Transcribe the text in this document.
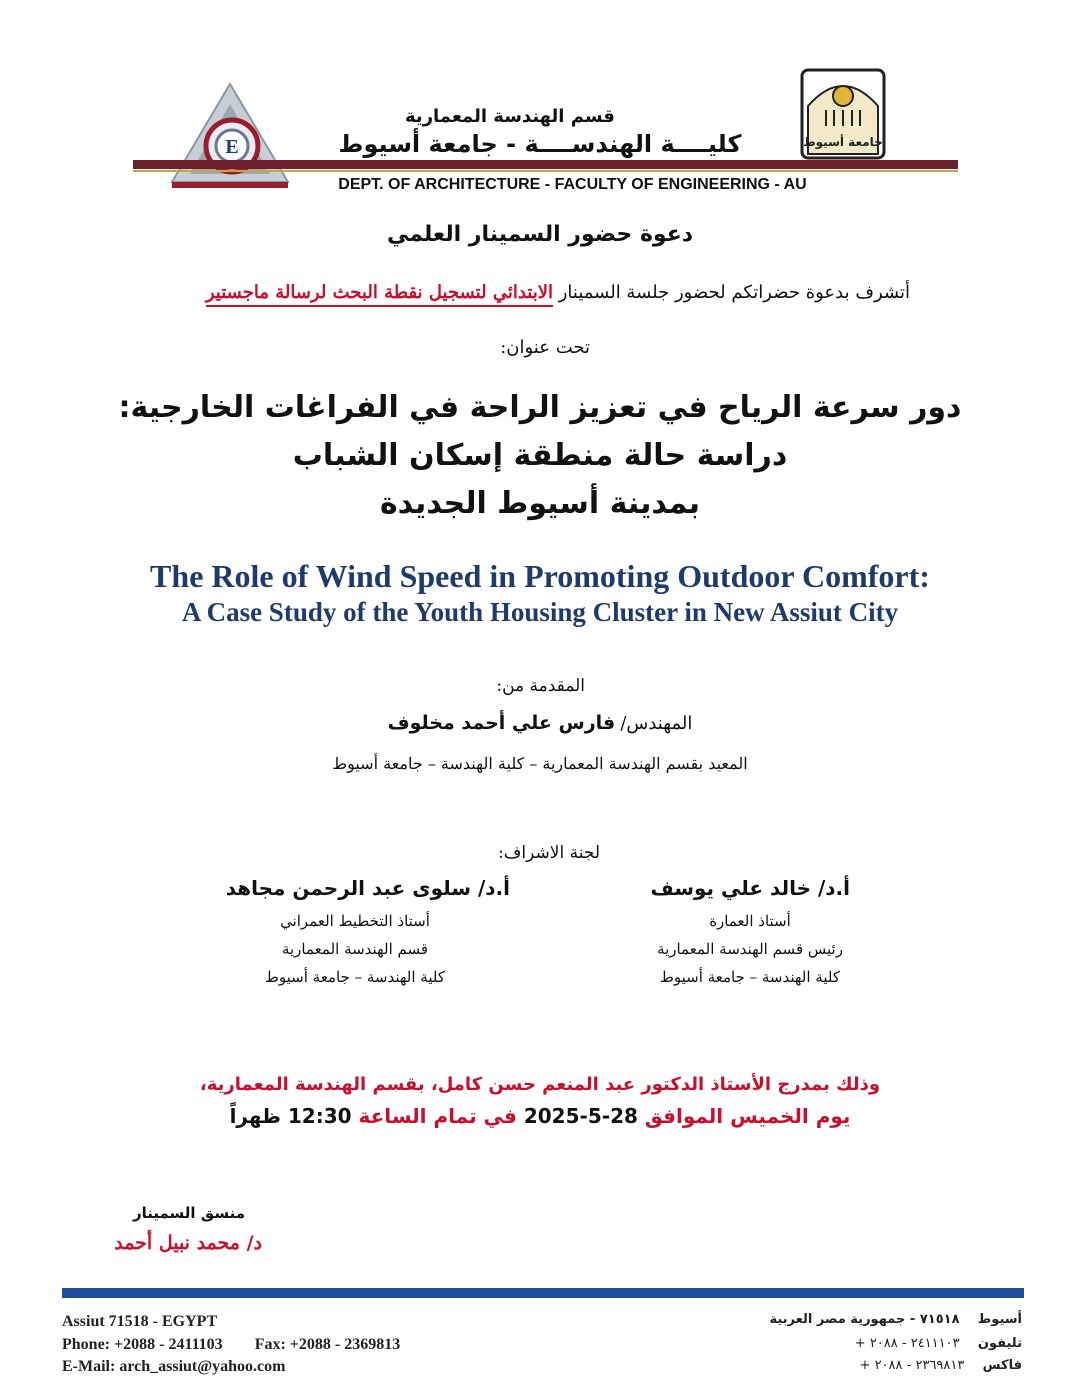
E
قسم الهندسة المعمارية
كليــــة الهندســــة - جامعة أسيوط	جامعة أسيوط
DEPT. OF ARCHITECTURE - FACULTY OF ENGINEERING - AU
دعوة حضور السمينار العلمي
أتشرف بدعوة حضراتكم لحضور جلسة السمينار الابتدائي لتسجيل نقطة البحث لرسالة ماجستير
تحت عنوان:
دور سرعة الرياح في تعزيز الراحة في الفراغات الخارجية:
دراسة حالة منطقة إسكان الشباب
بمدينة أسيوط الجديدة
The Role of Wind Speed in Promoting Outdoor Comfort:
A Case Study of the Youth Housing Cluster in New Assiut City
المقدمة من:
المهندس/ فارس علي أحمد مخلوف
المعيد بقسم الهندسة المعمارية – كلية الهندسة – جامعة أسيوط
لجنة الاشراف:
أ.د/ خالد علي يوسف
أستاذ العمارة
رئيس قسم الهندسة المعمارية
كلية الهندسة – جامعة أسيوط
أ.د/ سلوى عبد الرحمن مجاهد
أستاذ التخطيط العمراني
قسم الهندسة المعمارية
كلية الهندسة – جامعة أسيوط
وذلك بمدرج الأستاذ الدكتور عبد المنعم حسن كامل، بقسم الهندسة المعمارية،
يوم الخميس الموافق 28-5-2025 في تمام الساعة 12:30 ظهراً
منسق السمينار
د/ محمد نبيل أحمد
Assiut 71518 - EGYPT
Phone: +2088 - 2411103 Fax: +2088 - 2369813
E-Mail: arch_assiut@yahoo.com
أسيوط  ٧١٥١٨ - جمهورية مصر العربية
تليفون  ٢٤١١١٠٣ - ٢٠٨٨ +
فاكس  ٢٣٦٩٨١٣ - ٢٠٨٨ +
